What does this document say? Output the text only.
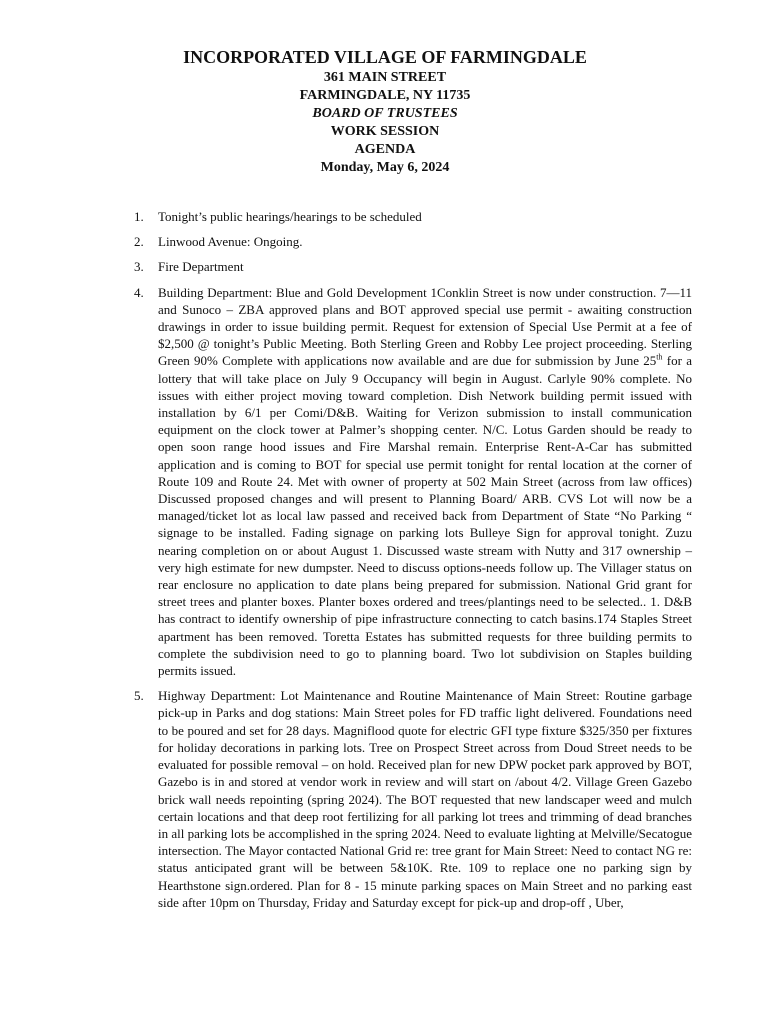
INCORPORATED VILLAGE OF FARMINGDALE
361 MAIN STREET
FARMINGDALE, NY 11735
BOARD OF TRUSTEES
WORK SESSION
AGENDA
Monday, May 6, 2024
1. Tonight’s public hearings/hearings to be scheduled
2. Linwood Avenue: Ongoing.
3. Fire Department
4. Building Department: Blue and Gold Development 1Conklin Street is now under construction. 7—11 and Sunoco – ZBA approved plans and BOT approved special use permit - awaiting construction drawings in order to issue building permit. Request for extension of Special Use Permit at a fee of $2,500 @ tonight’s Public Meeting. Both Sterling Green and Robby Lee project proceeding. Sterling Green 90% Complete with applications now available and are due for submission by June 25th for a lottery that will take place on July 9 Occupancy will begin in August. Carlyle 90% complete. No issues with either project moving toward completion. Dish Network building permit issued with installation by 6/1 per Comi/D&B. Waiting for Verizon submission to install communication equipment on the clock tower at Palmer’s shopping center. N/C. Lotus Garden should be ready to open soon range hood issues and Fire Marshal remain. Enterprise Rent-A-Car has submitted application and is coming to BOT for special use permit tonight for rental location at the corner of Route 109 and Route 24. Met with owner of property at 502 Main Street (across from law offices) Discussed proposed changes and will present to Planning Board/ ARB. CVS Lot will now be a managed/ticket lot as local law passed and received back from Department of State “No Parking “ signage to be installed. Fading signage on parking lots Bulleye Sign for approval tonight. Zuzu nearing completion on or about August 1. Discussed waste stream with Nutty and 317 ownership – very high estimate for new dumpster. Need to discuss options-needs follow up. The Villager status on rear enclosure no application to date plans being prepared for submission. National Grid grant for street trees and planter boxes. Planter boxes ordered and trees/plantings need to be selected.. 1. D&B has contract to identify ownership of pipe infrastructure connecting to catch basins.174 Staples Street apartment has been removed. Toretta Estates has submitted requests for three building permits to complete the subdivision need to go to planning board. Two lot subdivision on Staples building permits issued.
5. Highway Department: Lot Maintenance and Routine Maintenance of Main Street: Routine garbage pick-up in Parks and dog stations: Main Street poles for FD traffic light delivered. Foundations need to be poured and set for 28 days. Magniflood quote for electric GFI type fixture $325/350 per fixtures for holiday decorations in parking lots. Tree on Prospect Street across from Doud Street needs to be evaluated for possible removal – on hold. Received plan for new DPW pocket park approved by BOT, Gazebo is in and stored at vendor work in review and will start on /about 4/2. Village Green Gazebo brick wall needs repointing (spring 2024). The BOT requested that new landscaper weed and mulch certain locations and that deep root fertilizing for all parking lot trees and trimming of dead branches in all parking lots be accomplished in the spring 2024. Need to evaluate lighting at Melville/Secatogue intersection. The Mayor contacted National Grid re: tree grant for Main Street: Need to contact NG re: status anticipated grant will be between 5&10K. Rte. 109 to replace one no parking sign by Hearthstone sign.ordered. Plan for 8 - 15 minute parking spaces on Main Street and no parking east side after 10pm on Thursday, Friday and Saturday except for pick-up and drop-off , Uber,
